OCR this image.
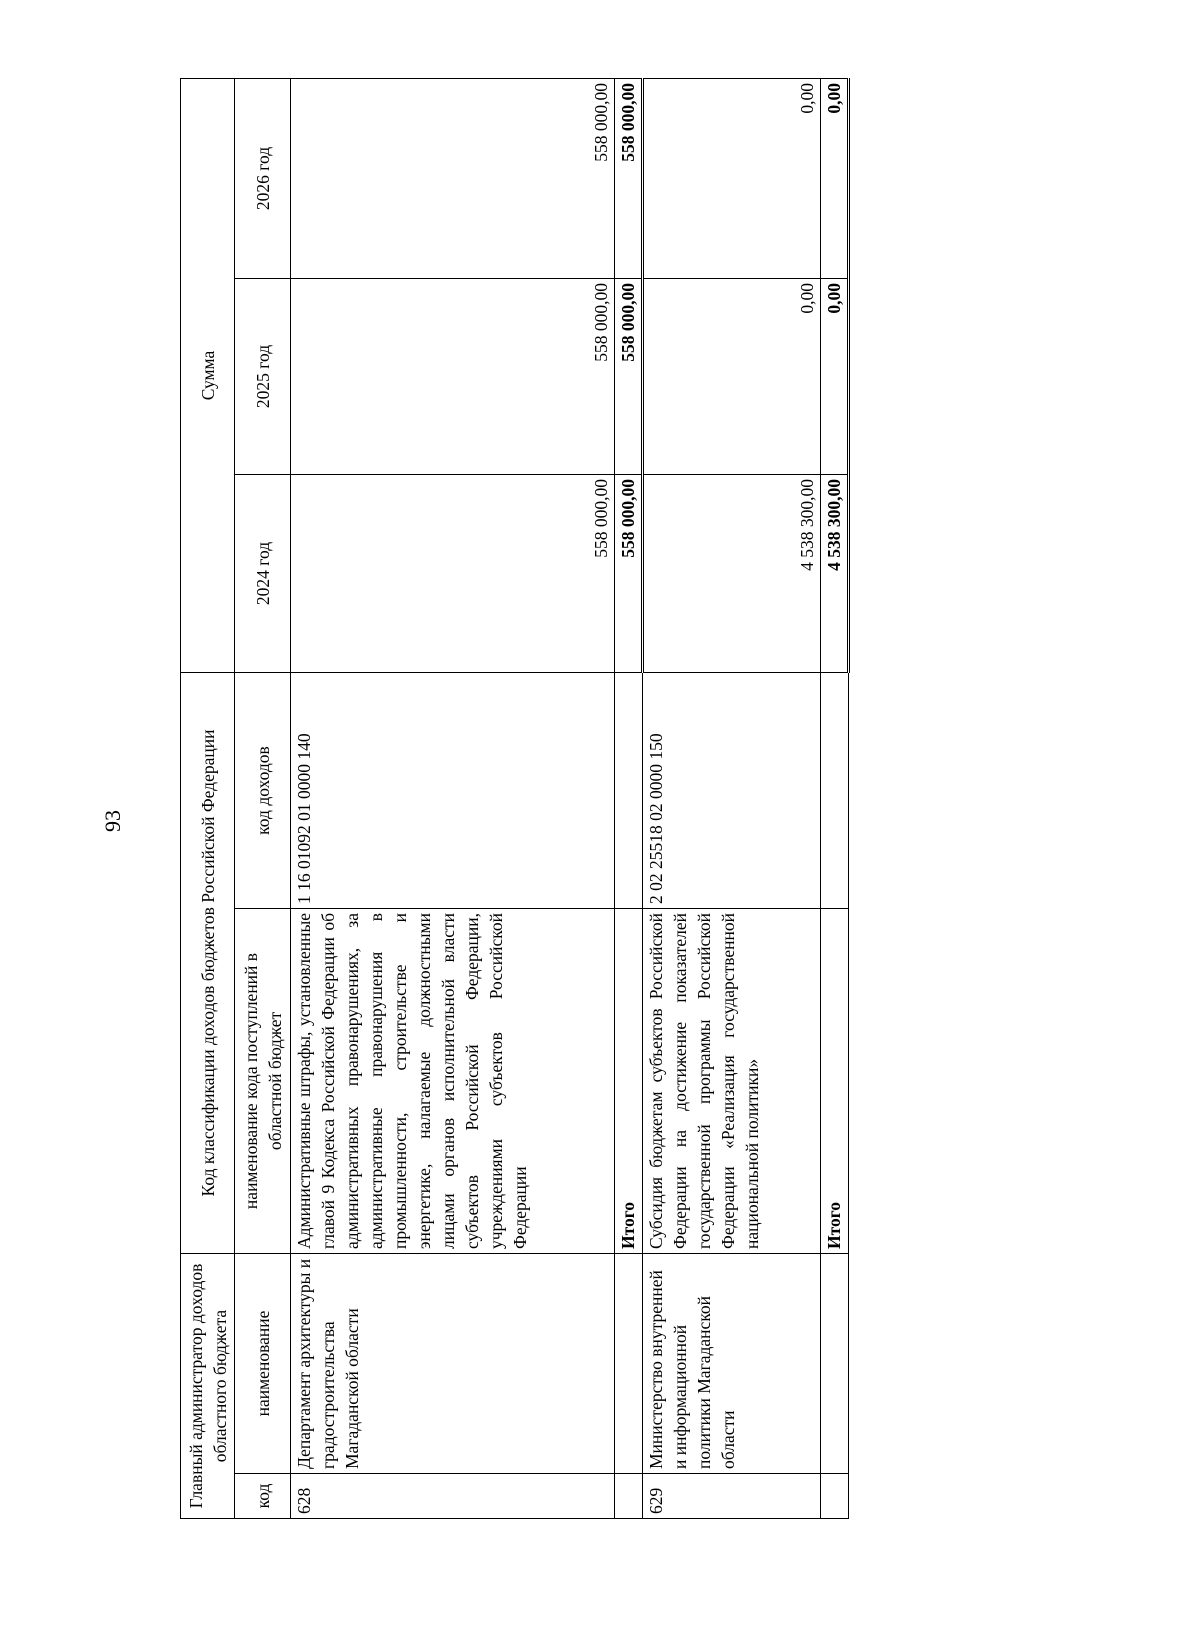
93
Главный администратор доходов областного бюджета		Код классификации доходов бюджетов Российской Федерации		Сумма		
код	наименование	наименование кода поступлений в областной бюджет	код доходов	2024 год	2025 год	2026 год
628	Департамент архитектуры и градостроительства Магаданской области	Административные штрафы, установленные главой 9 Кодекса Российской Федерации об административных правонарушениях, за административные правонарушения в промышленности, строительстве и энергетике, налагаемые должностными лицами органов исполнительной власти субъектов Российской Федерации, учреждениями субъектов Российской Федерации	1 16 01092 01 0000 140	558 000,00	558 000,00	558 000,00
		Итого		558 000,00	558 000,00	558 000,00
629	Министерство внутренней и информационной политики Магаданской области	Субсидия бюджетам субъектов Российской Федерации на достижение показателей государственной программы Российской Федерации «Реализация государственной национальной политики»	2 02 25518 02 0000 150	4 538 300,00	0,00	0,00
		Итого		4 538 300,00	0,00	0,00
